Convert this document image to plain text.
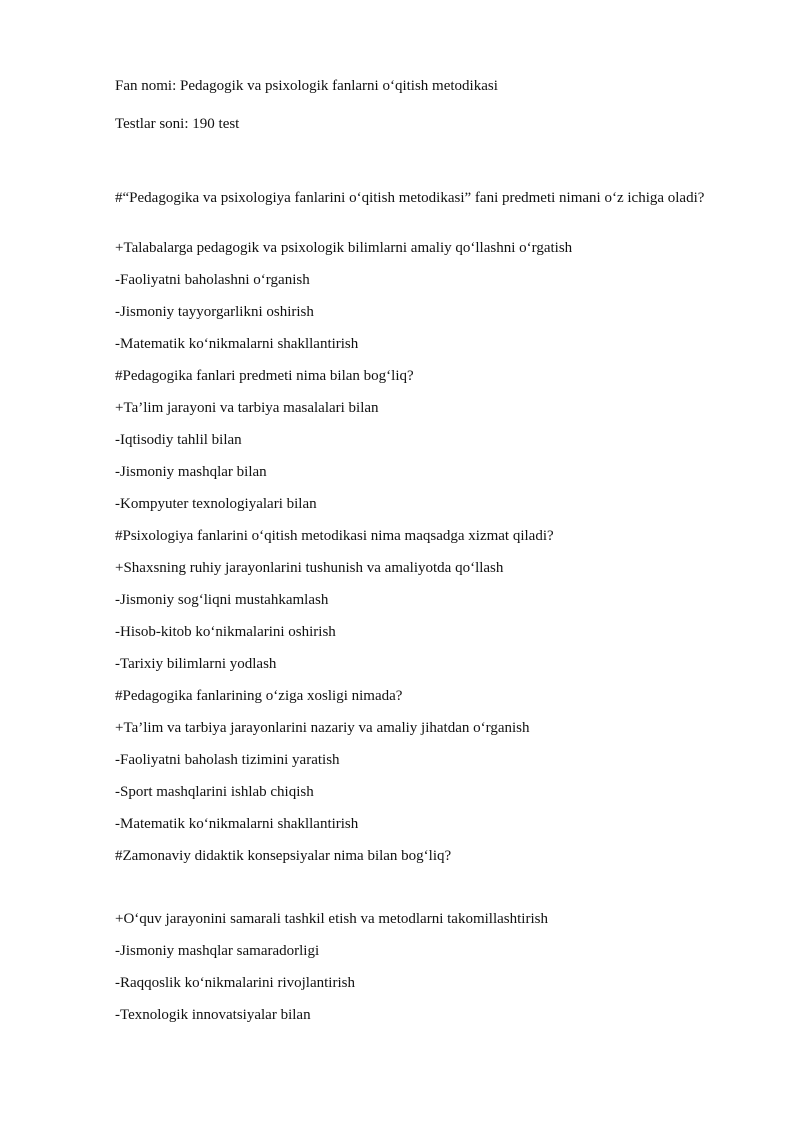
Fan nomi: Pedagogik va psixologik fanlarni o‘qitish metodikasi

Testlar soni: 190 test

#“Pedagogika va psixologiya fanlarini o‘qitish metodikasi” fani predmeti nimani o‘z ichiga oladi?

+Talabalarga pedagogik va psixologik bilimlarni amaliy qo‘llashni o‘rgatish

-Faoliyatni baholashni o‘rganish

-Jismoniy tayyorgarlikni oshirish

-Matematik ko‘nikmalarni shakllantirish

#Pedagogika fanlari predmeti nima bilan bog‘liq?

+Ta’lim jarayoni va tarbiya masalalari bilan

-Iqtisodiy tahlil bilan

-Jismoniy mashqlar bilan

-Kompyuter texnologiyalari bilan

#Psixologiya fanlarini o‘qitish metodikasi nima maqsadga xizmat qiladi?

+Shaxsning ruhiy jarayonlarini tushunish va amaliyotda qo‘llash

-Jismoniy sog‘liqni mustahkamlash

-Hisob-kitob ko‘nikmalarini oshirish

-Tarixiy bilimlarni yodlash

#Pedagogika fanlarining o‘ziga xosligi nimada?

+Ta’lim va tarbiya jarayonlarini nazariy va amaliy jihatdan o‘rganish

-Faoliyatni baholash tizimini yaratish

-Sport mashqlarini ishlab chiqish

-Matematik ko‘nikmalarni shakllantirish

#Zamonaviy didaktik konsepsiyalar nima bilan bog‘liq?

+O‘quv jarayonini samarali tashkil etish va metodlarni takomillashtirish

-Jismoniy mashqlar samaradorligi

-Raqqoslik ko‘nikmalarini rivojlantirish

-Texnologik innovatsiyalar bilan
